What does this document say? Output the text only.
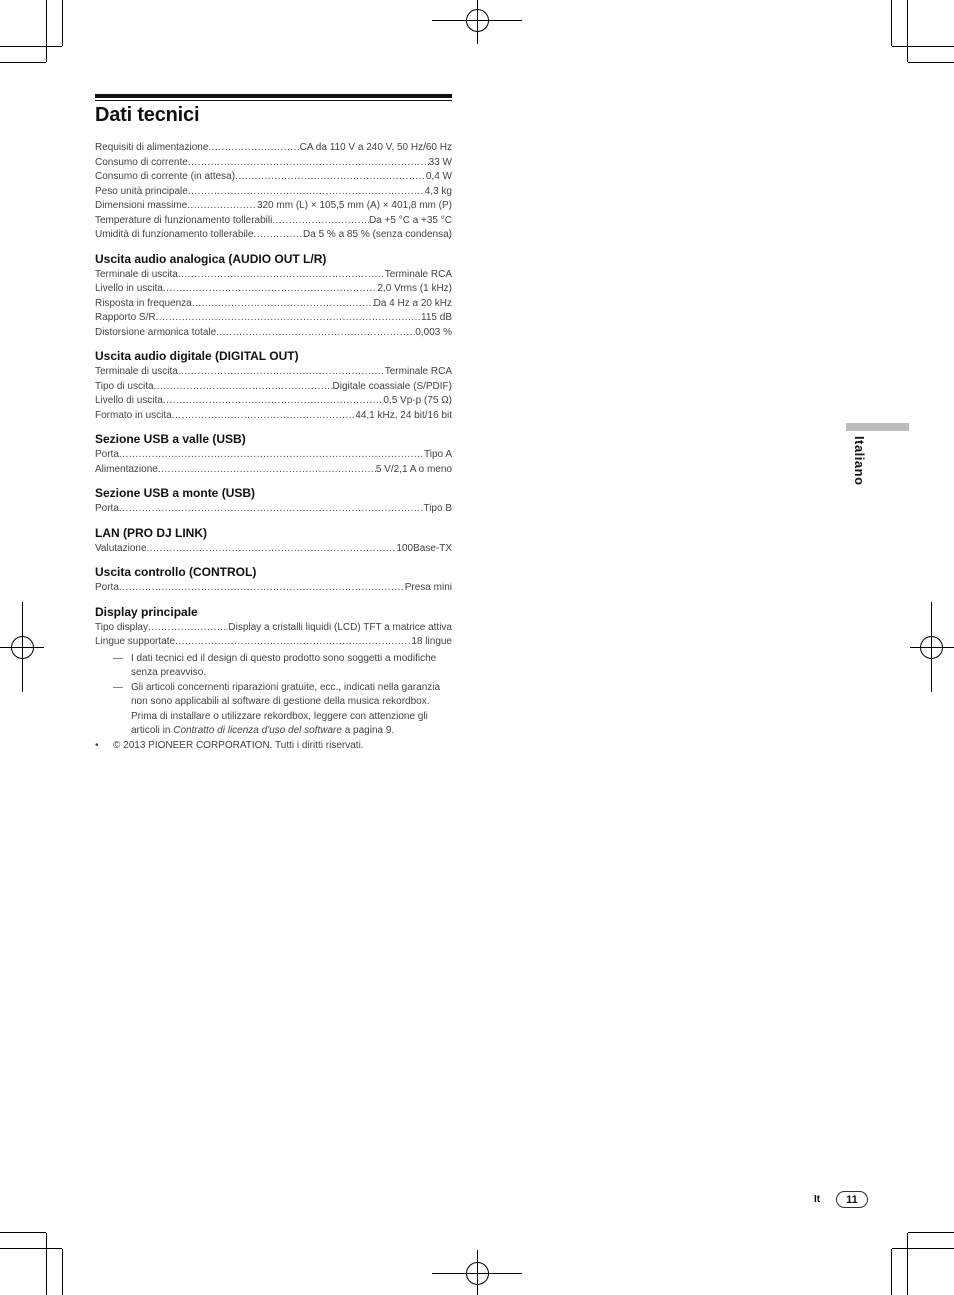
Dati tecnici
Requisiti di alimentazione .....	CA da 110 V a 240 V, 50 Hz/60 Hz
Consumo di corrente .....	33 W
Consumo di corrente (in attesa) .....	0,4 W
Peso unità principale .....	4,3 kg
Dimensioni massime .....	320 mm (L) × 105,5 mm (A) × 401,8 mm (P)
Temperature di funzionamento tollerabili .....	Da +5 °C a +35 °C
Umidità di funzionamento tollerabile .....	Da 5 % a 85 % (senza condensa)
Uscita audio analogica (AUDIO OUT L/R)
Terminale di uscita .....	Terminale RCA
Livello in uscita .....	2,0 Vrms (1 kHz)
Risposta in frequenza .....	Da 4 Hz a 20 kHz
Rapporto S/R .....	115 dB
Distorsione armonica totale .....	0,003 %
Uscita audio digitale (DIGITAL OUT)
Terminale di uscita .....	Terminale RCA
Tipo di uscita .....	Digitale coassiale (S/PDIF)
Livello di uscita .....	0,5 Vp-p (75 Ω)
Formato in uscita .....	44,1 kHz, 24 bit/16 bit
Sezione USB a valle (USB)
Porta .....	Tipo A
Alimentazione .....	5 V/2,1 A o meno
Sezione USB a monte (USB)
Porta .....	Tipo B
LAN (PRO DJ LINK)
Valutazione .....	100Base-TX
Uscita controllo (CONTROL)
Porta .....	Presa mini
Display principale
Tipo display .....	Display a cristalli liquidi (LCD) TFT a matrice attiva
Lingue supportate .....	18 lingue
— I dati tecnici ed il design di questo prodotto sono soggetti a modifiche senza preavviso.
— Gli articoli concernenti riparazioni gratuite, ecc., indicati nella garanzia non sono applicabili al software di gestione della musica rekordbox. Prima di installare o utilizzare rekordbox, leggere con attenzione gli articoli in Contratto di licenza d'uso del software a pagina 9.
• © 2013 PIONEER CORPORATION. Tutti i diritti riservati.
Italiano
It	11
